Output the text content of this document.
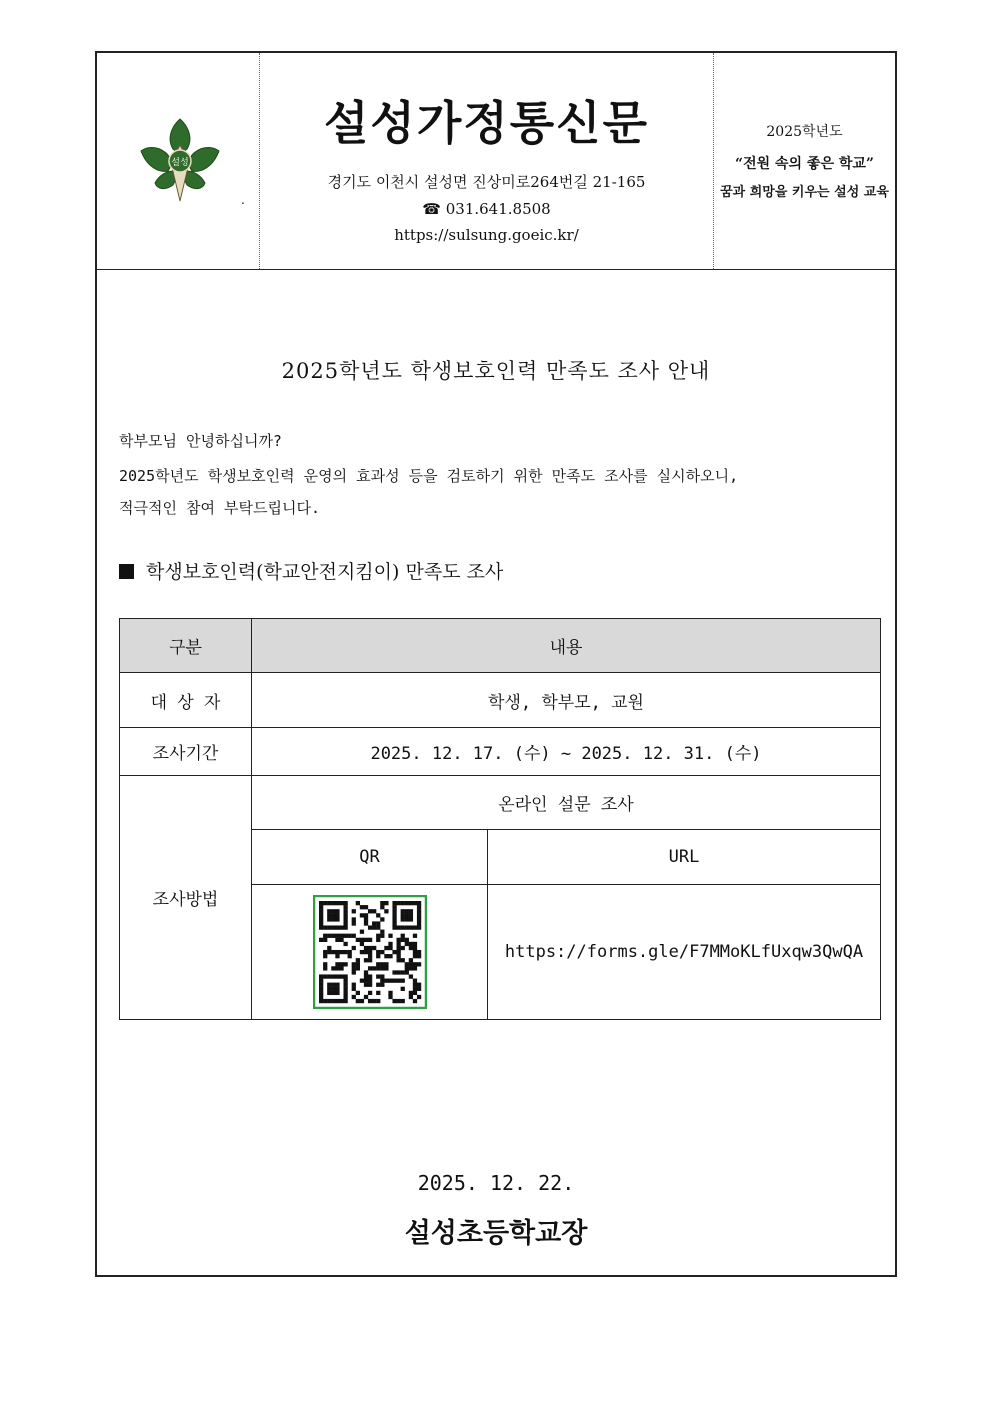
설성
.
설성가정통신문
경기도 이천시 설성면 진상미로264번길 21-165
☎ 031.641.8508
https://sulsung.goeic.kr/
2025학년도
“전원 속의 좋은 학교”
꿈과 희망을 키우는 설성 교육
2025학년도 학생보호인력 만족도 조사 안내
학부모님 안녕하십니까?
2025학년도 학생보호인력 운영의 효과성 등을 검토하기 위한 만족도 조사를 실시하오니,
적극적인 참여 부탁드립니다.
학생보호인력(학교안전지킴이) 만족도 조사
구분	내용	
대 상 자	학생, 학부모, 교원	
조사기간	2025. 12. 17. (수) ~ 2025. 12. 31. (수)	
조사방법	온라인 설문 조사	
	QR	URL

	https://forms.gle/F7MMoKLfUxqw3QwQA
2025. 12. 22.
설성초등학교장
